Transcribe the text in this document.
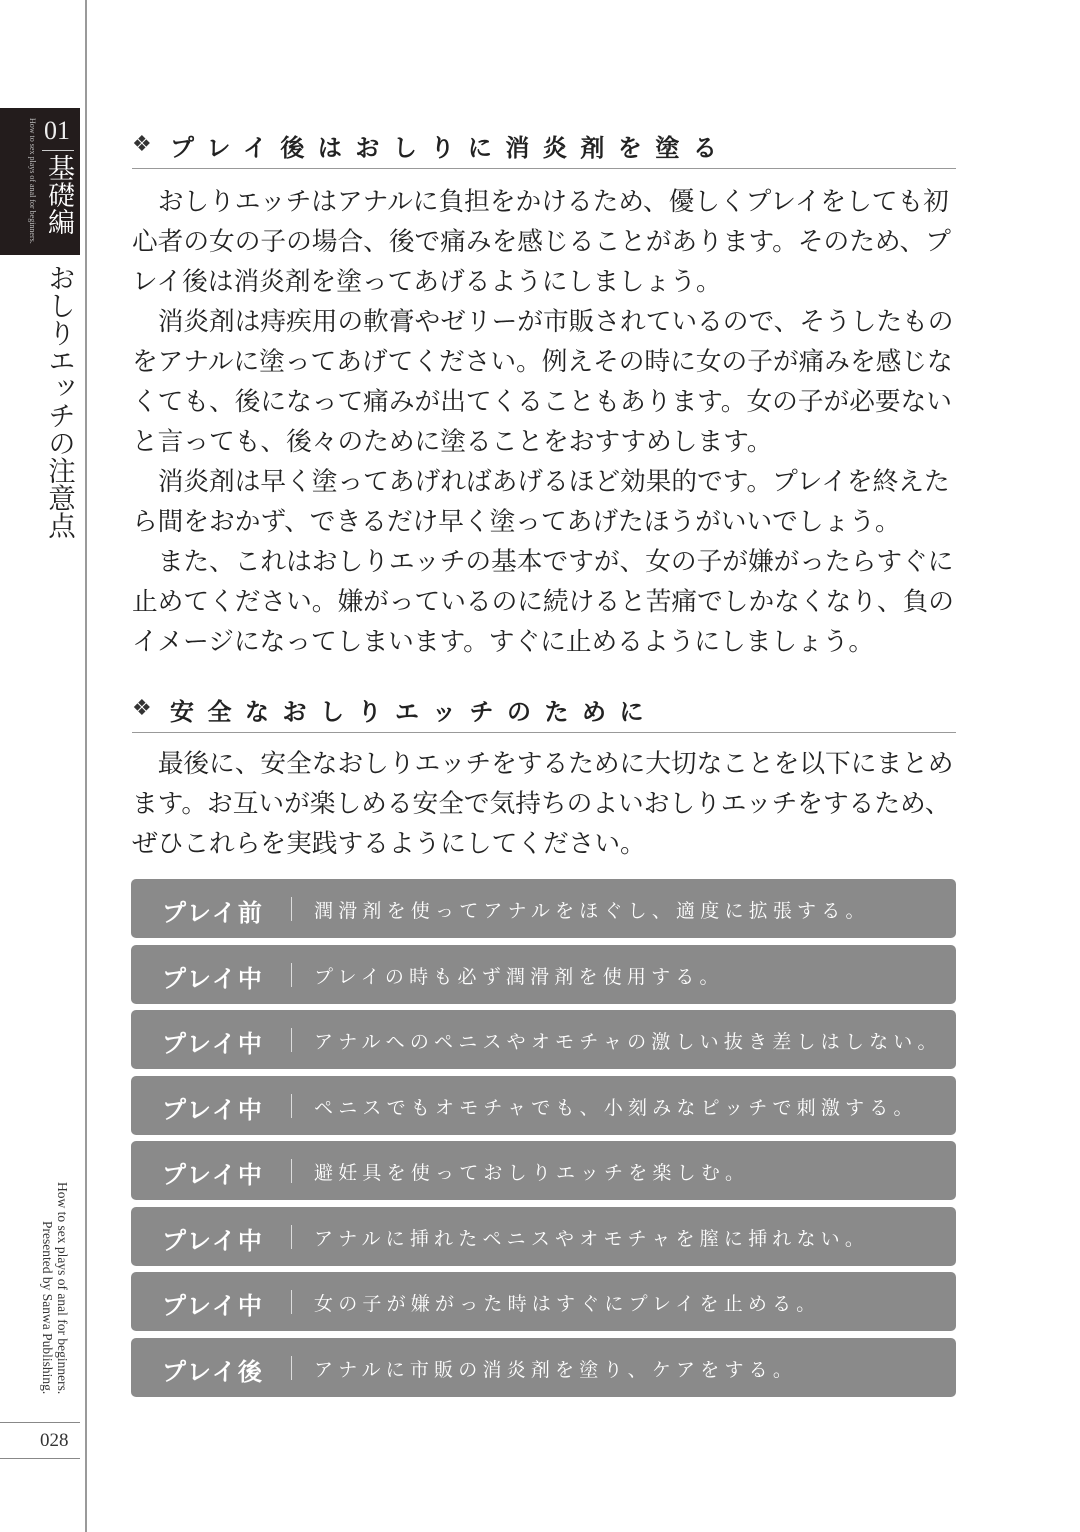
How to sex plays of anal for beginners. 01
基礎編
おしりエッチの注意点
How to sex plays of anal for beginners.
Presented by Sanwa Publishing.
028
❖ プレイ後はおしりに消炎剤を塗る

おしりエッチはアナルに負担をかけるため、優しくプレイをしても初心者の女の子の場合、後で痛みを感じることがあります。そのため、プレイ後は消炎剤を塗ってあげるようにしましょう。

消炎剤は痔疾用の軟膏やゼリーが市販されているので、そうしたものをアナルに塗ってあげてください。例えその時に女の子が痛みを感じなくても、後になって痛みが出てくることもあります。女の子が必要ないと言っても、後々のために塗ることをおすすめします。

消炎剤は早く塗ってあげればあげるほど効果的です。プレイを終えたら間をおかず、できるだけ早く塗ってあげたほうがいいでしょう。

また、これはおしりエッチの基本ですが、女の子が嫌がったらすぐに止めてください。嫌がっているのに続けると苦痛でしかなくなり、負のイメージになってしまいます。すぐに止めるようにしましょう。

❖ 安全なおしりエッチのために

最後に、安全なおしりエッチをするために大切なことを以下にまとめます。お互いが楽しめる安全で気持ちのよいおしりエッチをするため、ぜひこれらを実践するようにしてください。

プレイ前	潤滑剤を使ってアナルをほぐし、適度に拡張する。
プレイ中	プレイの時も必ず潤滑剤を使用する。
プレイ中	アナルへのペニスやオモチャの激しい抜き差しはしない。
プレイ中	ペニスでもオモチャでも、小刻みなピッチで刺激する。
プレイ中	避妊具を使っておしりエッチを楽しむ。
プレイ中	アナルに挿れたペニスやオモチャを膣に挿れない。
プレイ中	女の子が嫌がった時はすぐにプレイを止める。
プレイ後	アナルに市販の消炎剤を塗り、ケアをする。
